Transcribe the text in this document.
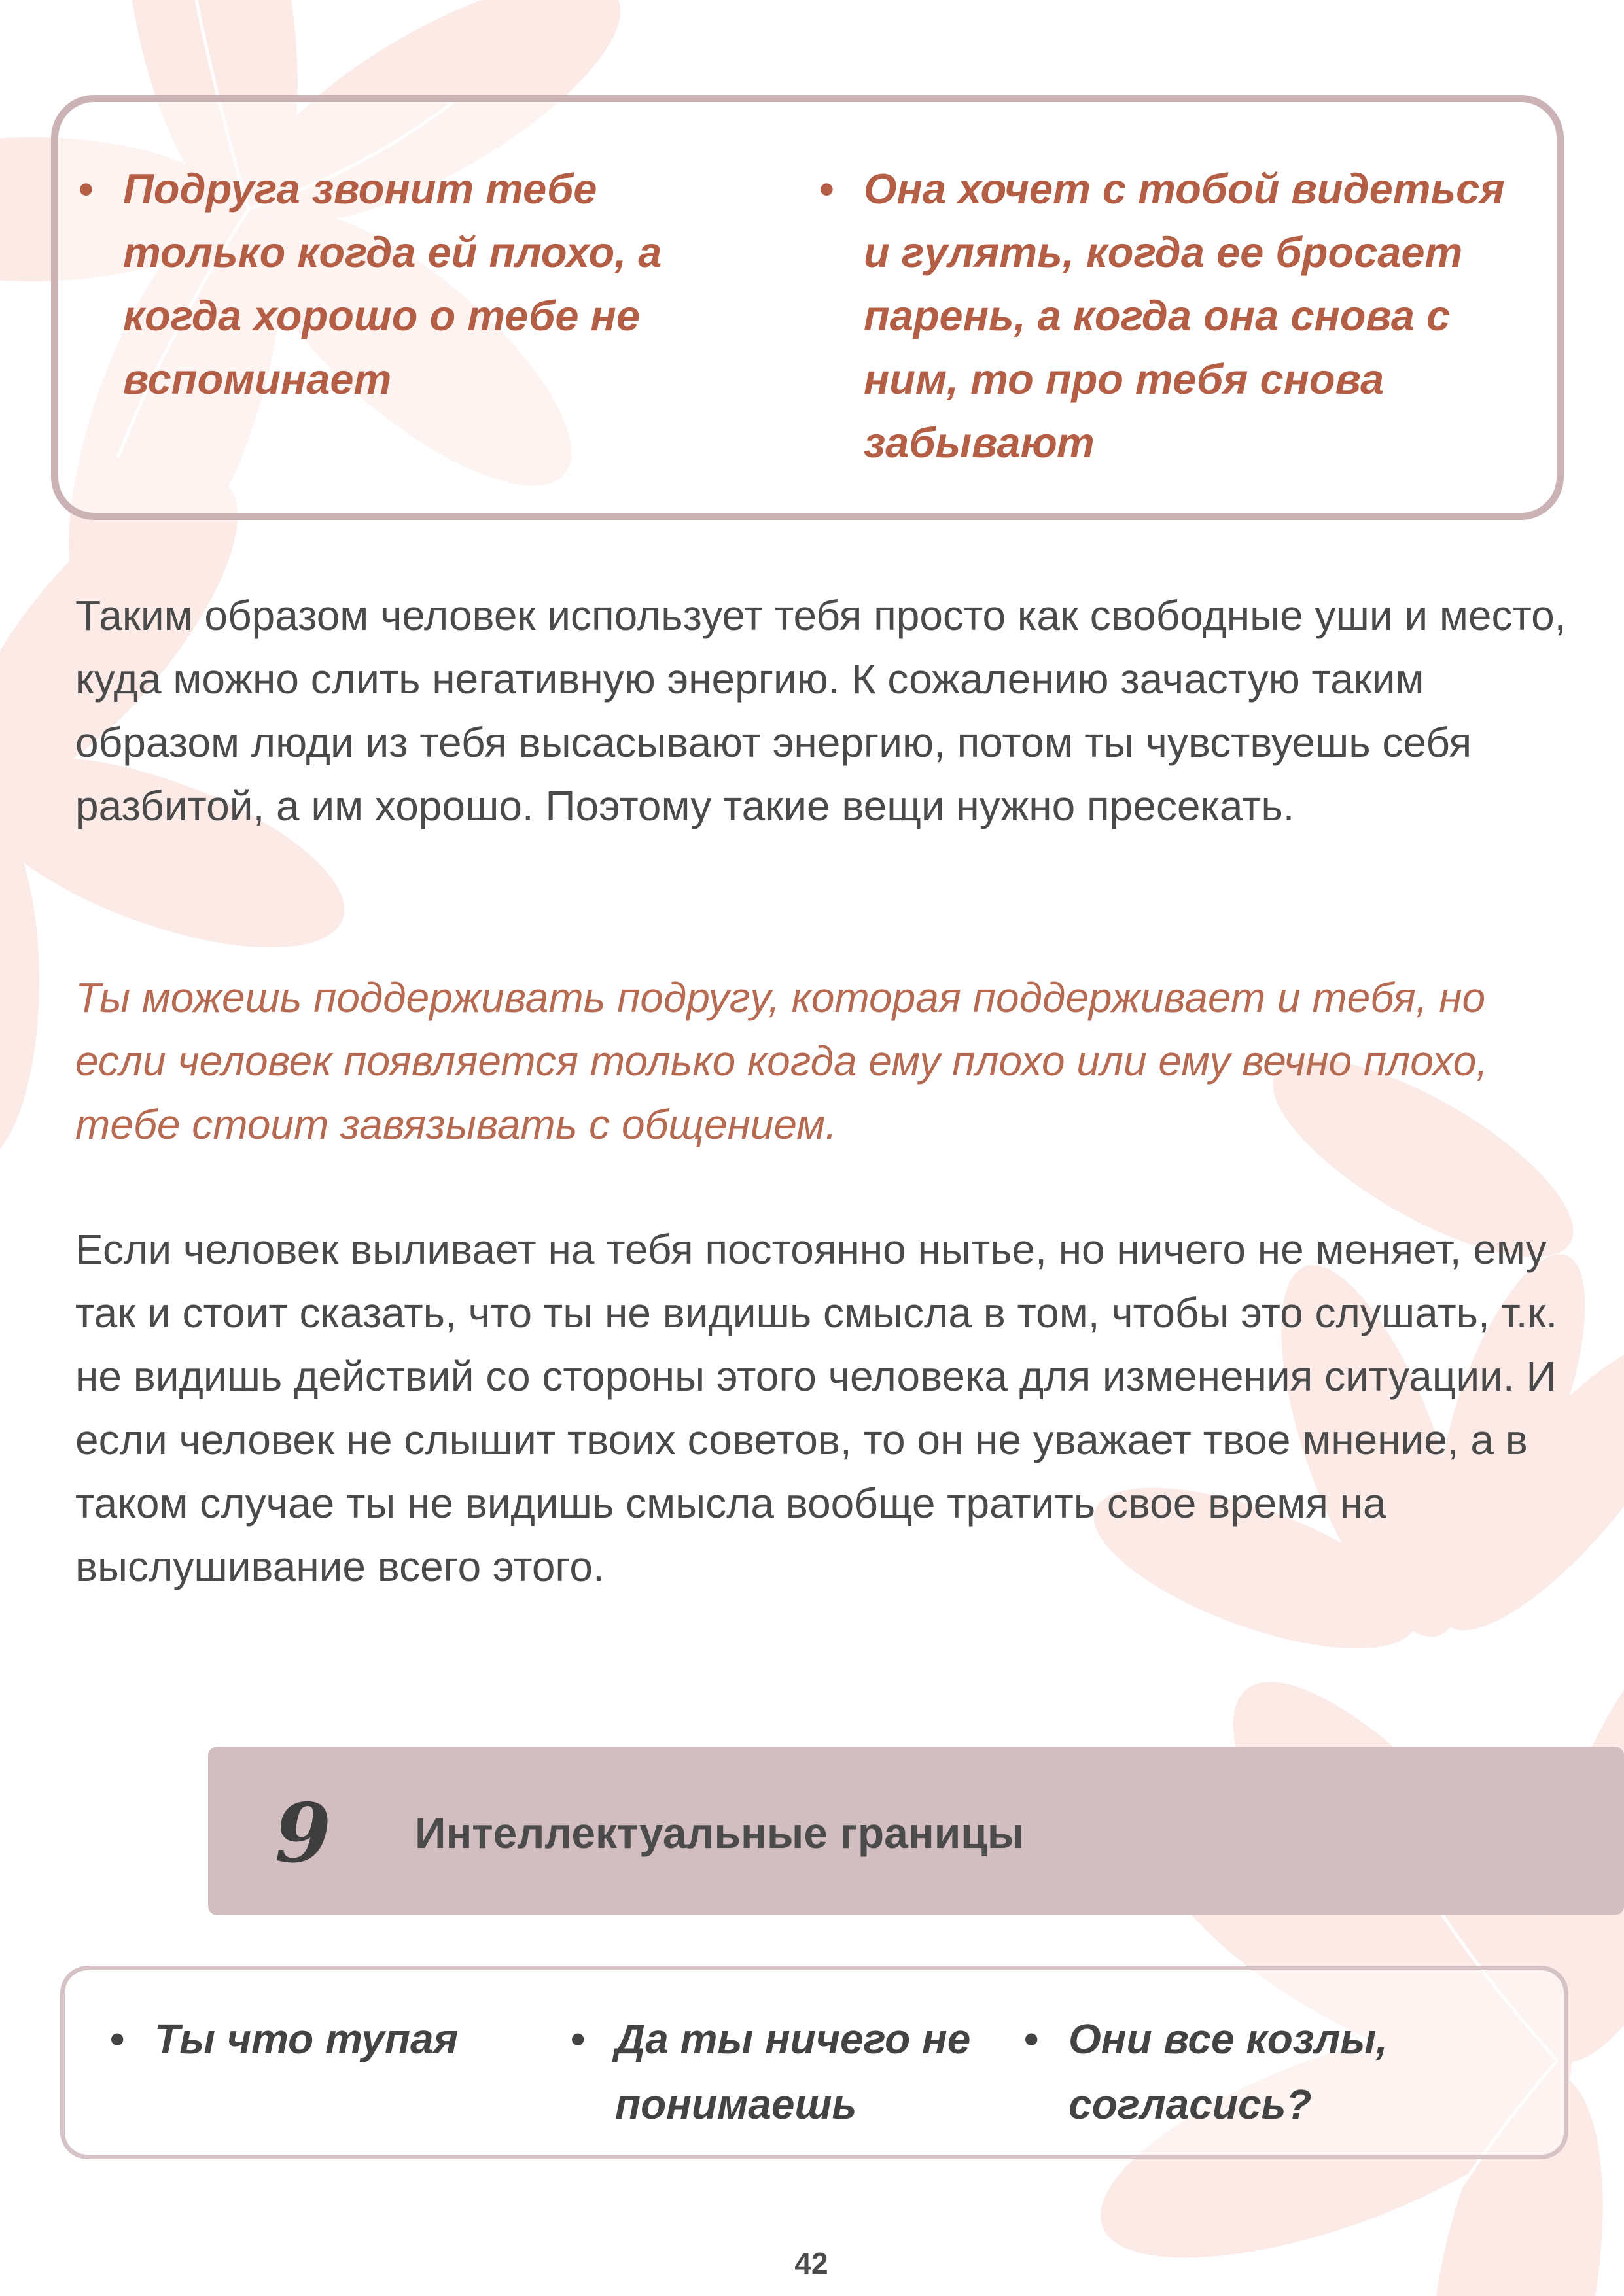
• Подруга звонит тебе только когда ей плохо, а когда хорошо о тебе не вспоминает
• Она хочет с тобой видеться и гулять, когда ее бросает парень, а когда она снова с ним, то про тебя снова забывают

Таким образом человек использует тебя просто как свободные уши и место, куда можно слить негативную энергию. К сожалению зачастую таким образом люди из тебя высасывают энергию, потом ты чувствуешь себя разбитой, а им хорошо. Поэтому такие вещи нужно пресекать.

Ты можешь поддерживать подругу, которая поддерживает и тебя, но если человек появляется только когда ему плохо или ему вечно плохо, тебе стоит завязывать с общением.

Если человек выливает на тебя постоянно нытье, но ничего не меняет, ему так и стоит сказать, что ты не видишь смысла в том, чтобы это слушать, т.к. не видишь действий со стороны этого человека для изменения ситуации. И если человек не слышит твоих советов, то он не уважает твое мнение, а в таком случае ты не видишь смысла вообще тратить свое время на выслушивание всего этого.

9 Интеллектуальные границы
• Ты что тупая
•	Да ты ничего не понимаешь
• Они все козлы, согласись?
42
